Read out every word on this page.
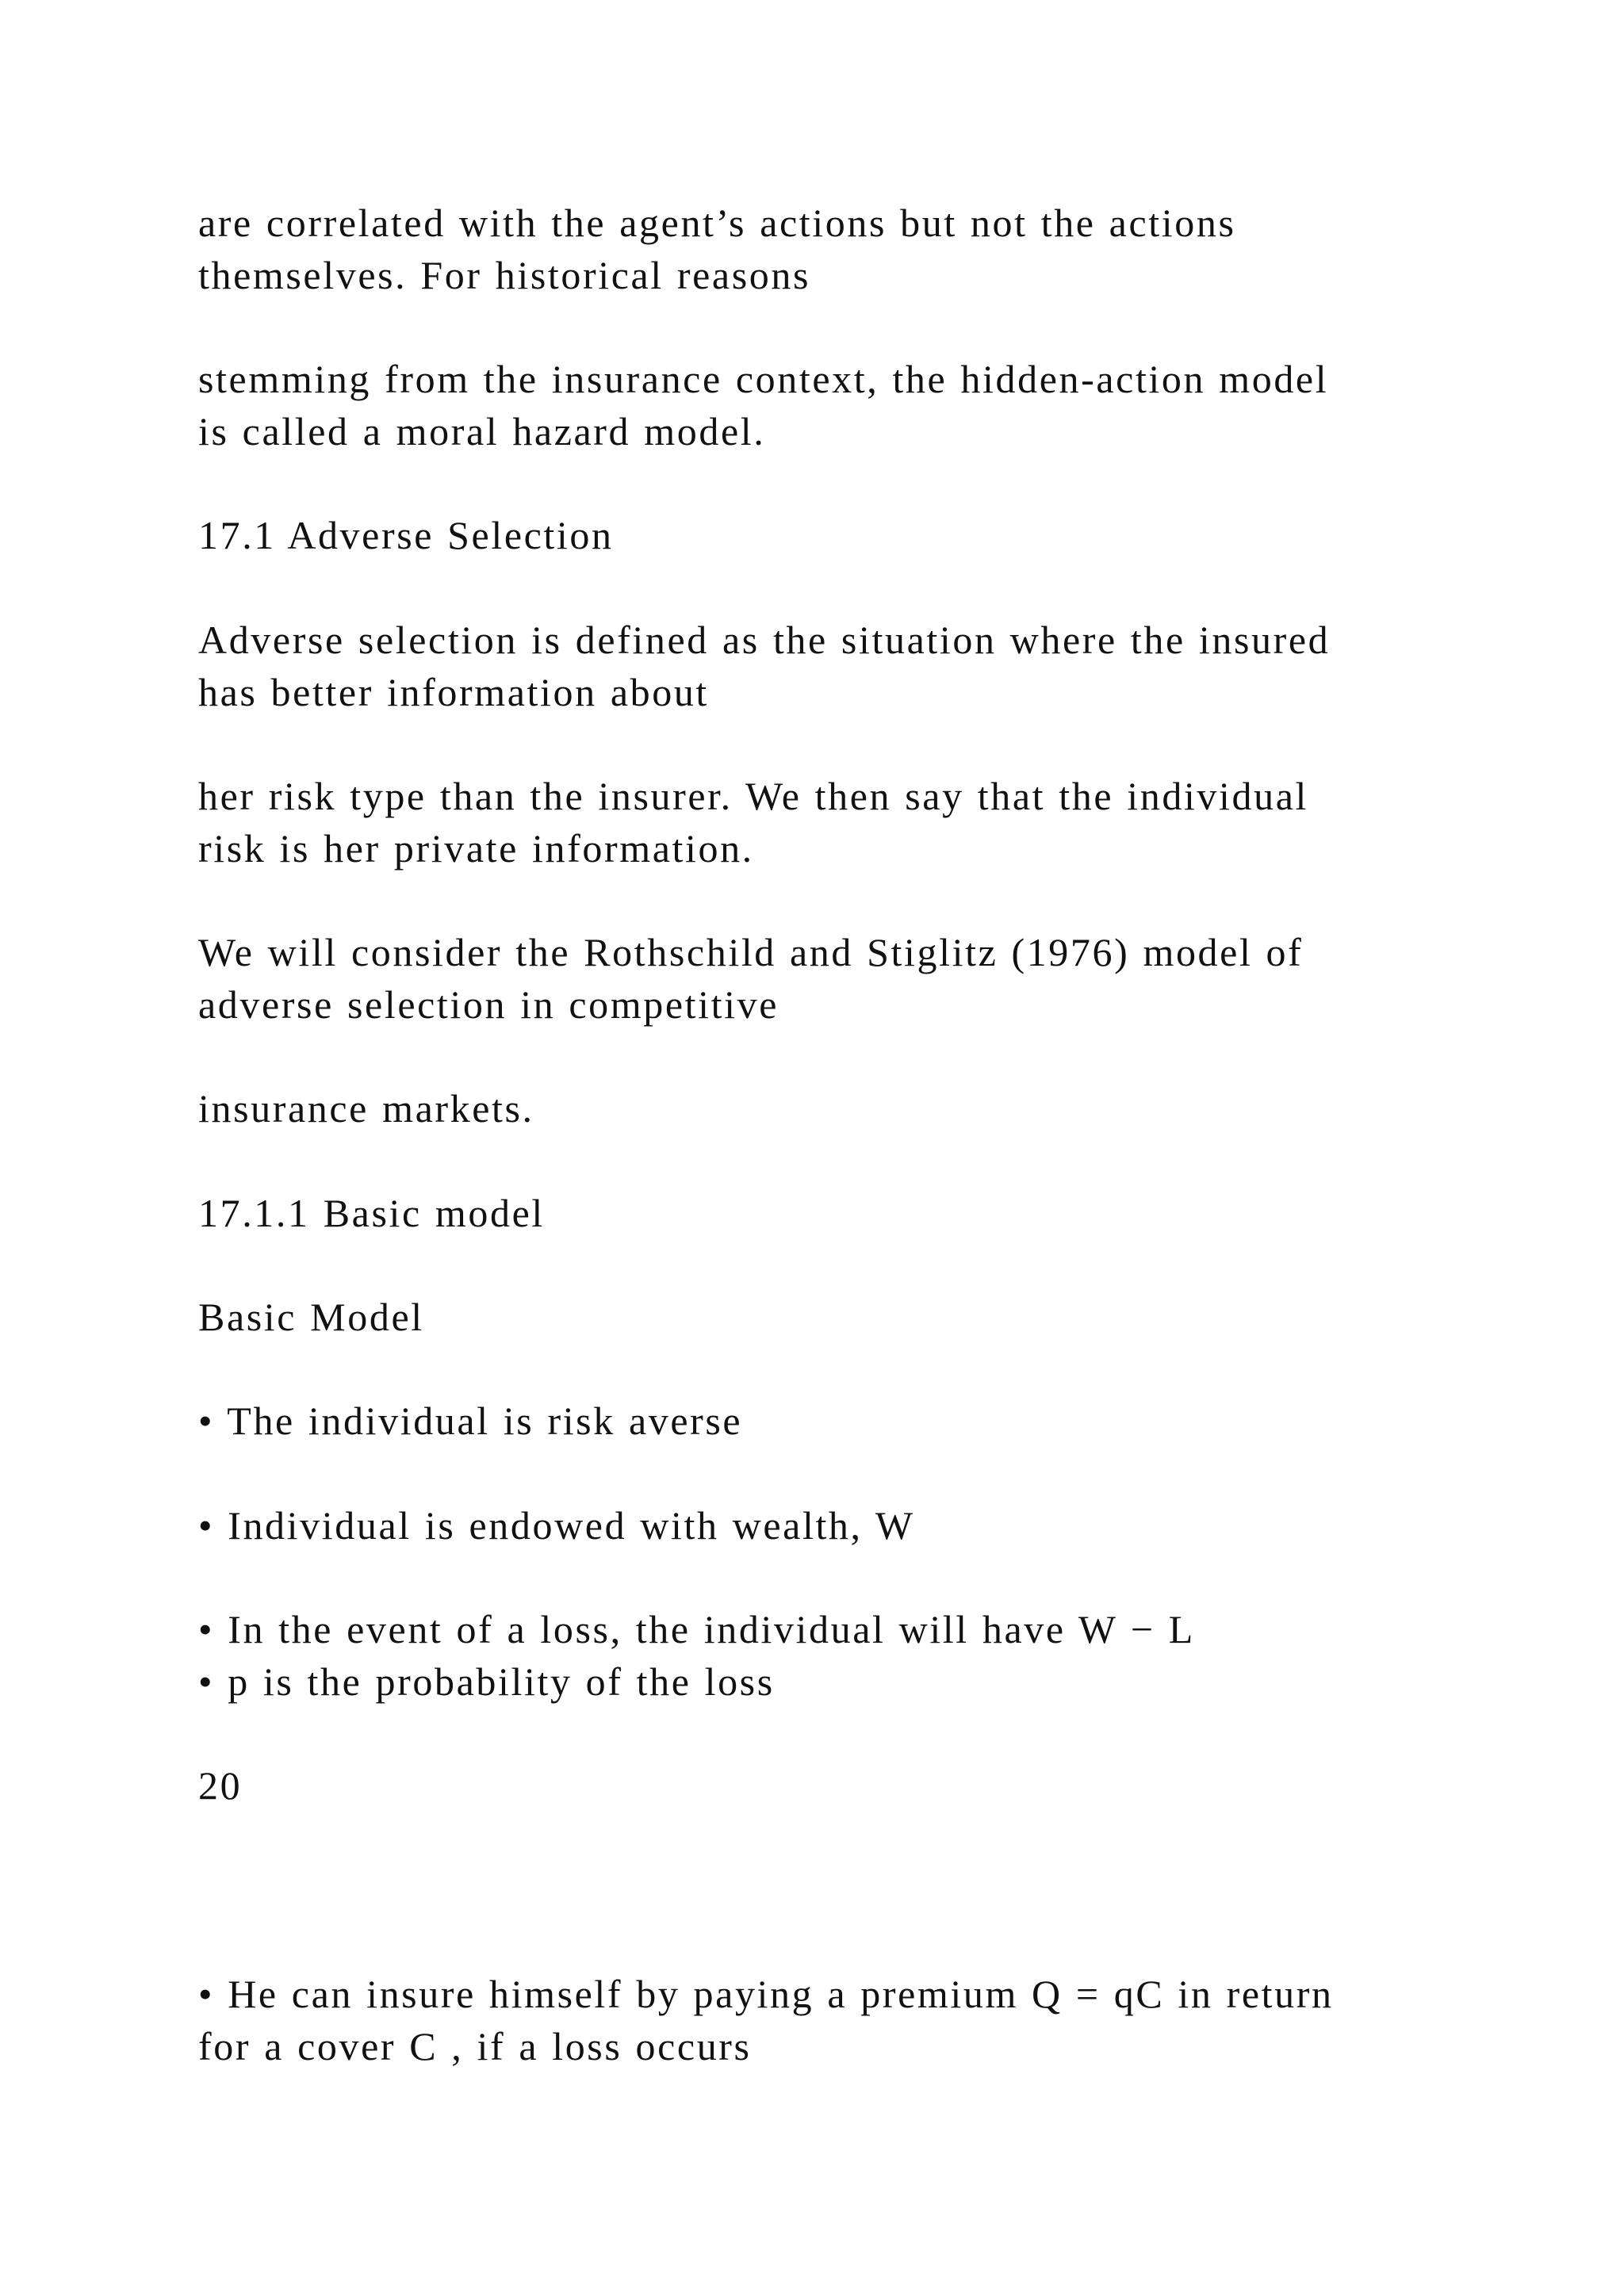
are correlated with the agent’s actions but not the actions
themselves. For historical reasons
stemming from the insurance context, the hidden-action model
is called a moral hazard model.
17.1 Adverse Selection
Adverse selection is defined as the situation where the insured
has better information about
her risk type than the insurer. We then say that the individual
risk is her private information.
We will consider the Rothschild and Stiglitz (1976) model of
adverse selection in competitive
insurance markets.
17.1.1 Basic model
Basic Model
• The individual is risk averse
• Individual is endowed with wealth, W
• In the event of a loss, the individual will have W − L
• p is the probability of the loss
20
• He can insure himself by paying a premium Q = qC in return
for a cover C , if a loss occurs
